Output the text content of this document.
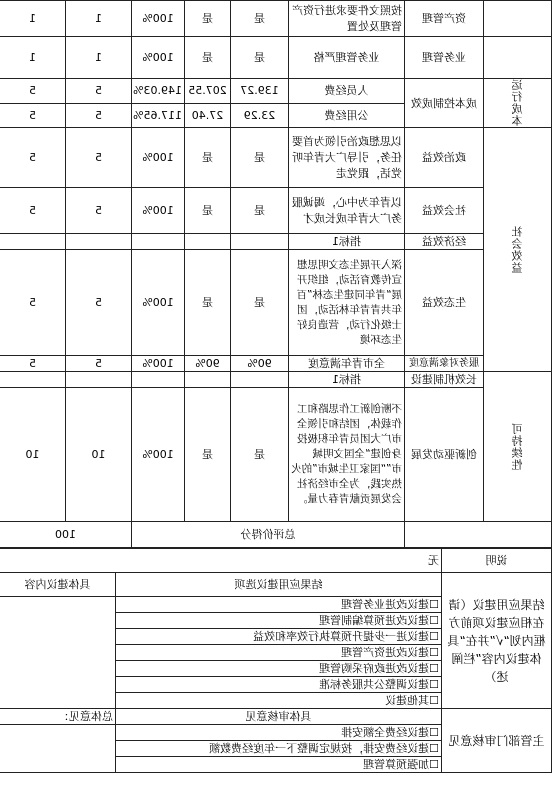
	资产管理	按照文件要求进行资产管理及处置	是	是	100%	1	1
	业务管理	业务管理严格	是	是	100%	1	1
运行成本	成本控制成效	人员经费	139.27	207.55	149.03%	5	5
		公用经费	23.29	27.40	117.65%	5	5
社会效益	政治效益	以思想政治引领为首要任务，引导广大青年听党话，跟党走	是	是	100%	5	5
	社会效益	以青年为中心，竭诚服务广大青年成长成才	是	是	100%	5	5
	经济效益	指标1					
	生态效益	深入开展生态文明思想宣传教育活动，组织开展“青年同建生态林”百年共青青年林活动，团士级化行动，营造良好生态环境	是	是	100%	5	5
	服务对象满意度	全市青年满意度	90%	90%	100%	5	5
可持续性	长效机制建设	指标1					
	创新驱动发展	不断创新工作思路和工作载体，团结和引领全市广大团员青年积极投身创建“全国文明城市”“国家卫生城市”的火热实践，为全市经济社会发展贡献青春力量。	是	是	100%	10	10
		总评价得分				100	
说明	无	
结果应用建议（请在相应建议项前方框内划“√”并在“具体建议内容”栏阐述）	结果应用建议选项	具体建议内容
	☐建议改进业务管理	
	☐建议改进预算编制管理	
	☐建议进一步提升预算执行效率和效益	
	☐建议改进资产管理	
	☐建议改进政府采购管理	
	☐建议调整公共服务标准	
	☐其他建议	
主管部门审核意见	具体审核意见	总体意见：
	☐建议经费全额安排	
	☐建议经费安排，按规定调整下一年度经费数额	
	☐加强预算管理	
